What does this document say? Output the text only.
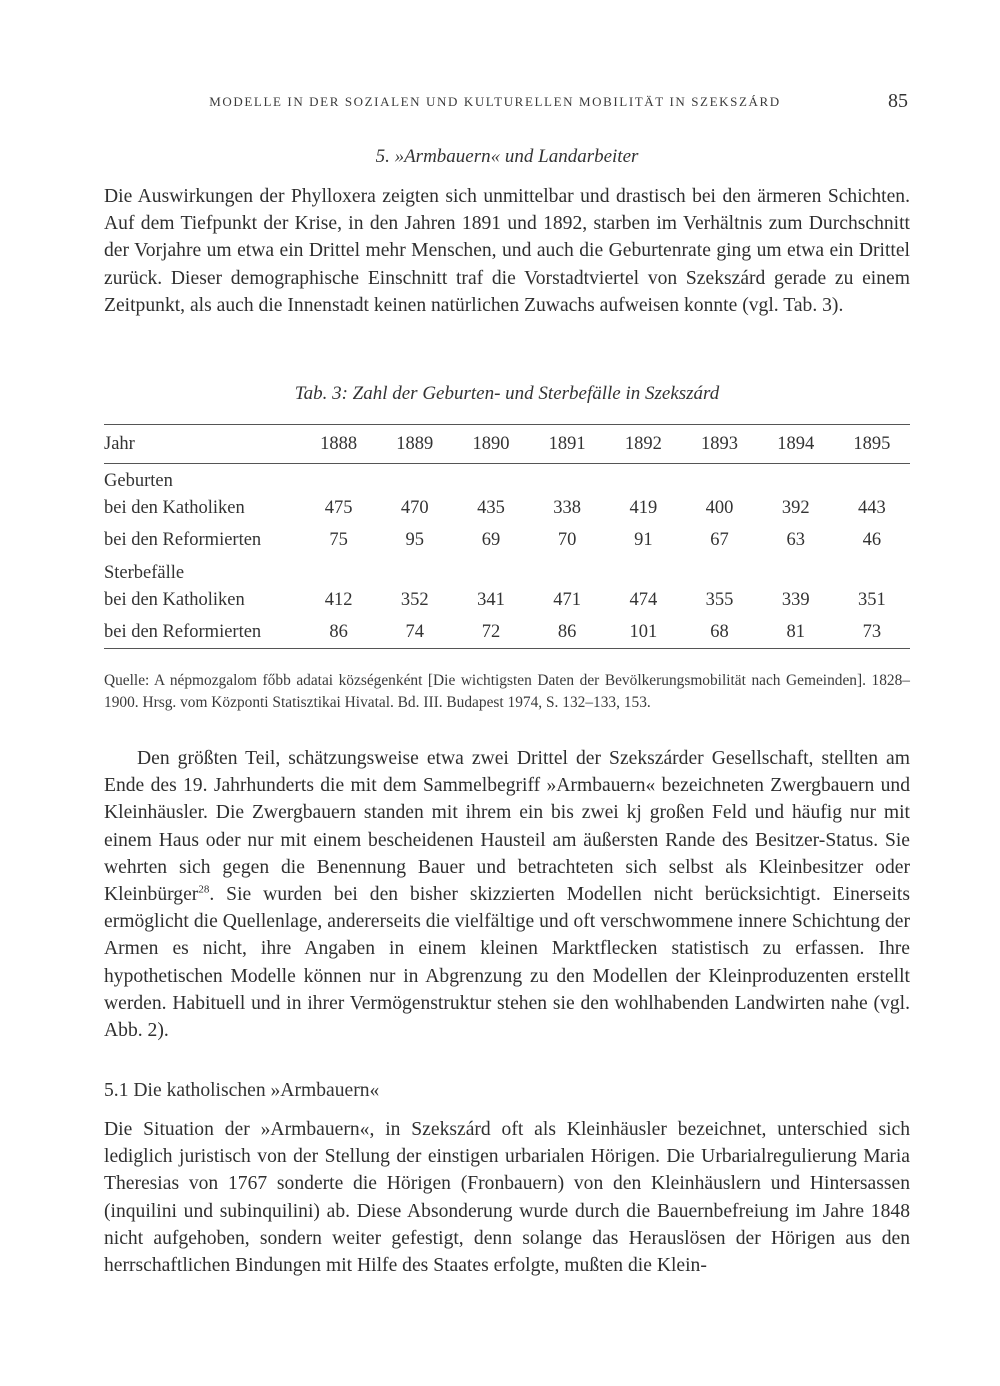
MODELLE IN DER SOZIALEN UND KULTURELLEN MOBILITÄT IN SZEKSZÁRD	85
5. »Armbauern« und Landarbeiter
Die Auswirkungen der Phylloxera zeigten sich unmittelbar und drastisch bei den ärmeren Schichten. Auf dem Tiefpunkt der Krise, in den Jahren 1891 und 1892, starben im Verhältnis zum Durchschnitt der Vorjahre um etwa ein Drittel mehr Menschen, und auch die Geburtenrate ging um etwa ein Drittel zurück. Dieser demographische Einschnitt traf die Vorstadtviertel von Szekszárd gerade zu einem Zeitpunkt, als auch die Innenstadt keinen natürlichen Zuwachs aufweisen konnte (vgl. Tab. 3).
Tab. 3: Zahl der Geburten- und Sterbefälle in Szekszárd
Jahr	1888	1889	1890	1891	1892	1893	1894	1895
Geburten								
bei den Katholiken	475	470	435	338	419	400	392	443
bei den Reformierten	75	95	69	70	91	67	63	46
Sterbefälle								
bei den Katholiken	412	352	341	471	474	355	339	351
bei den Reformierten	86	74	72	86	101	68	81	73
Quelle: A népmozgalom főbb adatai községenként [Die wichtigsten Daten der Bevölkerungsmobilität nach Gemeinden]. 1828–1900. Hrsg. vom Központi Statisztikai Hivatal. Bd. III. Budapest 1974, S. 132–133, 153.
Den größten Teil, schätzungsweise etwa zwei Drittel der Szekszárder Gesellschaft, stellten am Ende des 19. Jahrhunderts die mit dem Sammelbegriff »Armbauern« bezeichneten Zwergbauern und Kleinhäusler. Die Zwergbauern standen mit ihrem ein bis zwei kj großen Feld und häufig nur mit einem Haus oder nur mit einem bescheidenen Hausteil am äußersten Rande des Besitzer-Status. Sie wehrten sich gegen die Benennung Bauer und betrachteten sich selbst als Kleinbesitzer oder Kleinbürger$^{28}$. Sie wurden bei den bisher skizzierten Modellen nicht berücksichtigt. Einerseits ermöglicht die Quellenlage, andererseits die vielfältige und oft verschwommene innere Schichtung der Armen es nicht, ihre Angaben in einem kleinen Marktflecken statistisch zu erfassen. Ihre hypothetischen Modelle können nur in Abgrenzung zu den Modellen der Kleinproduzenten erstellt werden. Habituell und in ihrer Vermögenstruktur stehen sie den wohlhabenden Landwirten nahe (vgl. Abb. 2).
5.1 Die katholischen »Armbauern«
Die Situation der »Armbauern«, in Szekszárd oft als Kleinhäusler bezeichnet, unterschied sich lediglich juristisch von der Stellung der einstigen urbarialen Hörigen. Die Urbarialregulierung Maria Theresias von 1767 sonderte die Hörigen (Fronbauern) von den Kleinhäuslern und Hintersassen (inquilini und subinquilini) ab. Diese Absonderung wurde durch die Bauernbefreiung im Jahre 1848 nicht aufgehoben, sondern weiter gefestigt, denn solange das Herauslösen der Hörigen aus den herrschaftlichen Bindungen mit Hilfe des Staates erfolgte, mußten die Klein-
